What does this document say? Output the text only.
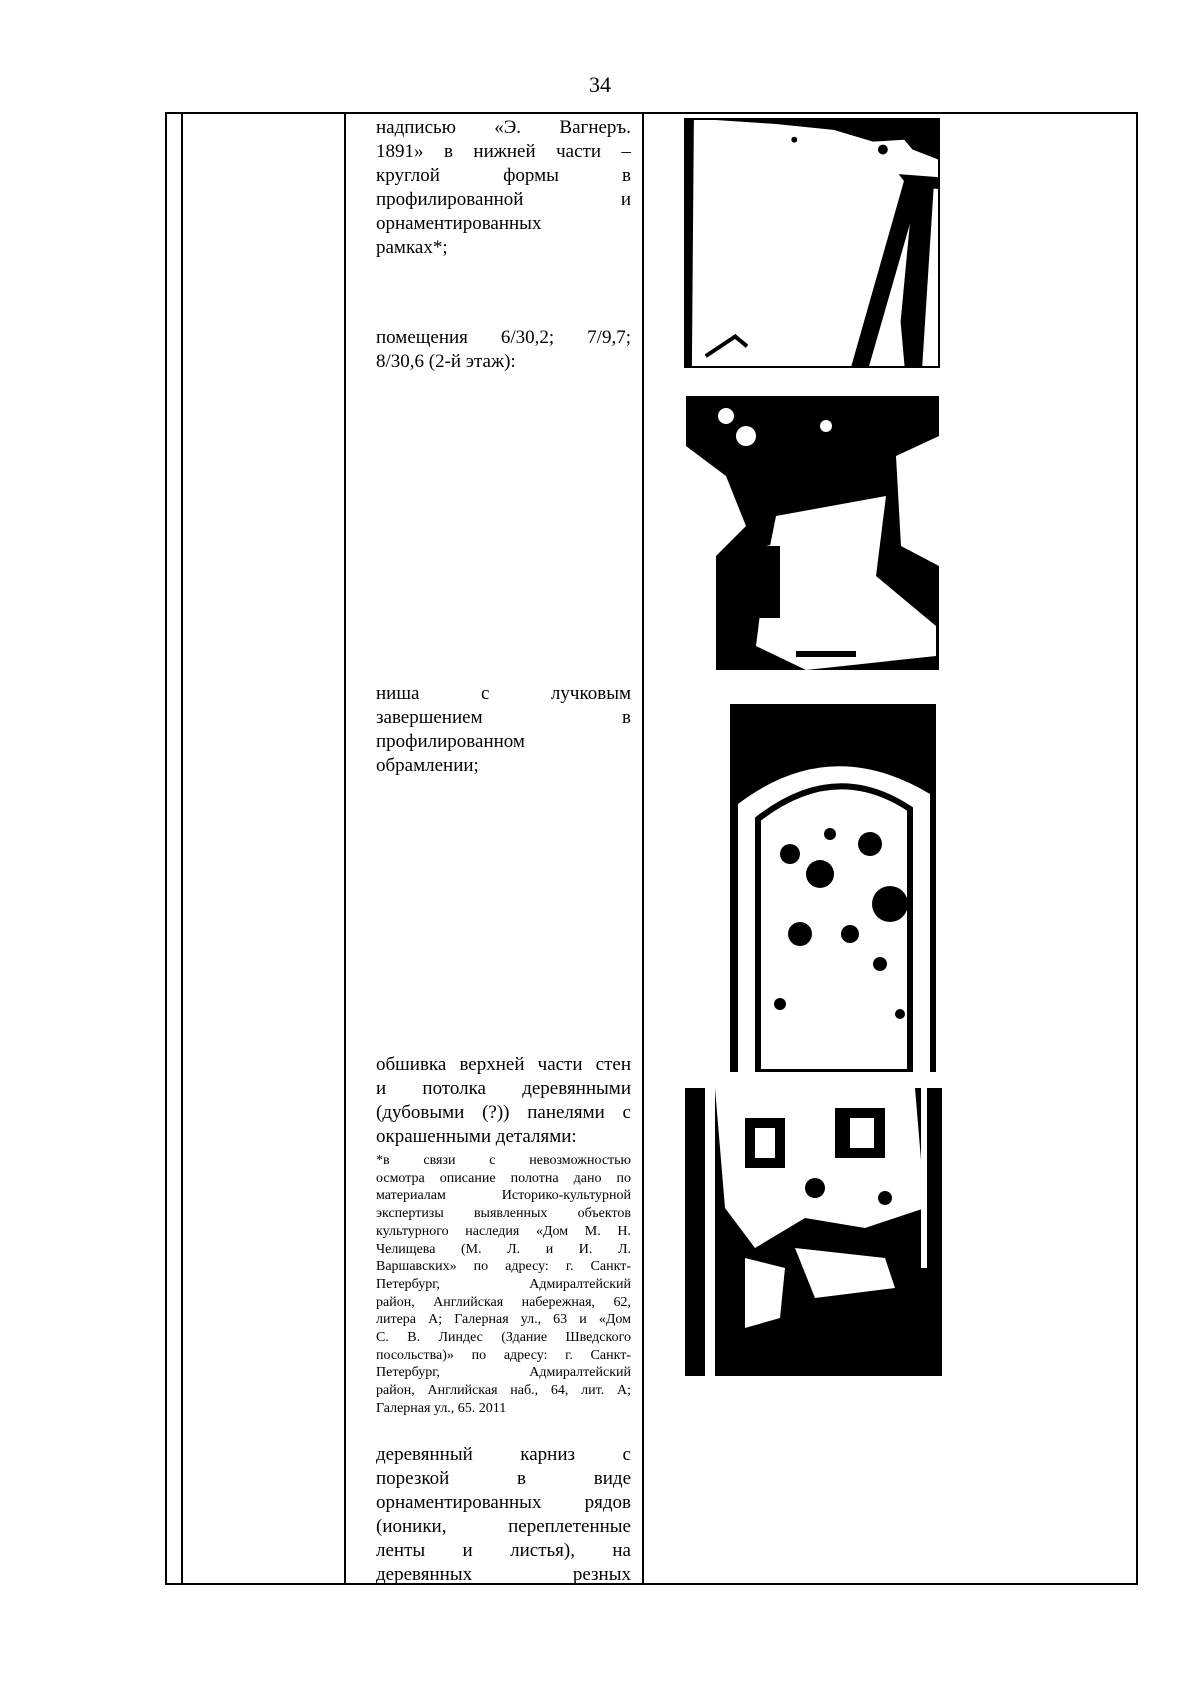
34
надписью «Э. Вагнеръ.
1891» в нижней части –
круглой формы в
профилированной и
орнаментированных
рамках*;
помещения 6/30,2; 7/9,7;
8/30,6 (2-й этаж):
ниша с лучковым
завершением в
профилированном
обрамлении;
обшивка верхней части стен
и потолка деревянными
(дубовыми (?)) панелями с
окрашенными деталями:
*в связи с невозможностью
осмотра описание полотна дано по
материалам Историко-культурной
экспертизы выявленных объектов
культурного наследия «Дом М. Н.
Челищева (М. Л. и И. Л.
Варшавских» по адресу: г. Санкт-
Петербург, Адмиралтейский
район, Английская набережная, 62,
литера А; Галерная ул., 63 и «Дом
С. В. Линдес (Здание Шведского
посольства)» по адресу: г. Санкт-
Петербург, Адмиралтейский
район, Английская наб., 64, лит. А;
Галерная ул., 65. 2011
деревянный карниз с
порезкой в виде
орнаментированных рядов
(ионики, переплетенные
ленты и листья), на
деревянных резных
